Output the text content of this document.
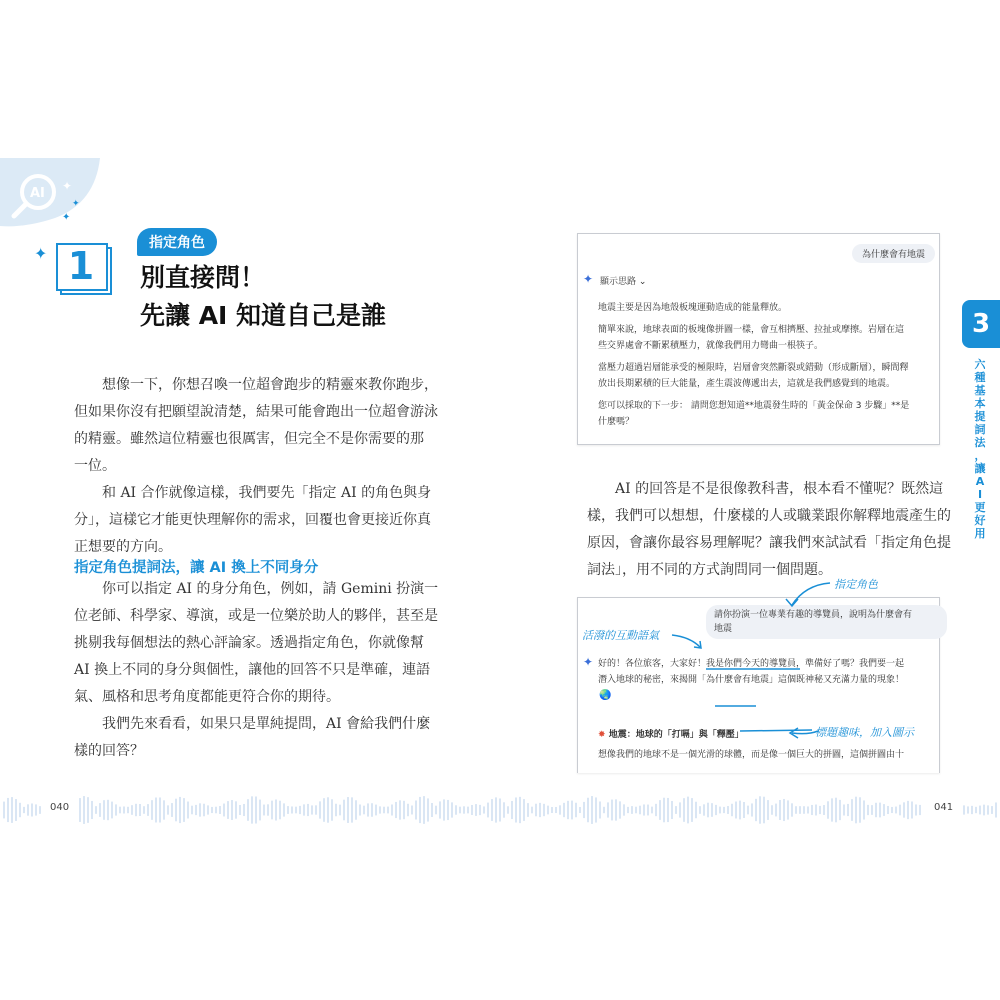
AI ✦
✦
✦
1
✦
指定角色
別直接問！
先讓 AI 知道自己是誰
　　想像一下，你想召喚一位超會跑步的精靈來教你跑步，
但如果你沒有把願望說清楚，結果可能會跑出一位超會游泳
的精靈。雖然這位精靈也很厲害，但完全不是你需要的那
一位。
　　和 AI 合作就像這樣，我們要先「指定 AI 的角色與身
分」，這樣它才能更快理解你的需求，回覆也會更接近你真
正想要的方向。
指定角色提詞法，讓 AI 換上不同身分
　　你可以指定 AI 的身分角色，例如，請 Gemini 扮演一
位老師、科學家、導演，或是一位樂於助人的夥伴，甚至是
挑剔我每個想法的熱心評論家。透過指定角色，你就像幫
AI 換上不同的身分與個性，讓他的回答不只是準確，連語
氣、風格和思考角度都能更符合你的期待。
　　我們先來看看，如果只是單純提問，AI 會給我們什麼
樣的回答？
為什麼會有地震
✦ 顯示思路 ⌄
地震主要是因為地殼板塊運動造成的能量釋放。
簡單來說，地球表面的板塊像拼圖一樣，會互相擠壓、拉扯或摩擦。岩層在這
些交界處會不斷累積壓力，就像我們用力彎曲一根筷子。
當壓力超過岩層能承受的極限時，岩層會突然斷裂或錯動（形成斷層），瞬間釋
放出長期累積的巨大能量，產生震波傳遞出去，這就是我們感覺到的地震。
您可以採取的下一步： 請問您想知道**地震發生時的「黃金保命 3 步驟」**是
什麼嗎？
　　AI 的回答是不是很像教科書，根本看不懂呢？既然這
樣，我們可以想想，什麼樣的人或職業跟你解釋地震產生的
原因，會讓你最容易理解呢？讓我們來試試看「指定角色提
詞法」，用不同的方式詢問同一個問題。
請你扮演一位專業有趣的導覽員，說明為什麼會有
地震
✦ 好的！各位旅客，大家好！我是你們今天的導覽員，準備好了嗎？我們要一起
潛入地球的秘密，來揭開「為什麼會有地震」這個既神秘又充滿力量的現象！
🌏
✸ 地震：地球的「打嗝」與「釋壓」
想像我們的地球不是一個光滑的球體，而是像一個巨大的拼圖，這個拼圖由十
指定角色
活潑的互動語氣
標題趣味，加入圖示
3
六
種
基
本
提
詞
法
，
讓
A
I
更
好
用
040	041
